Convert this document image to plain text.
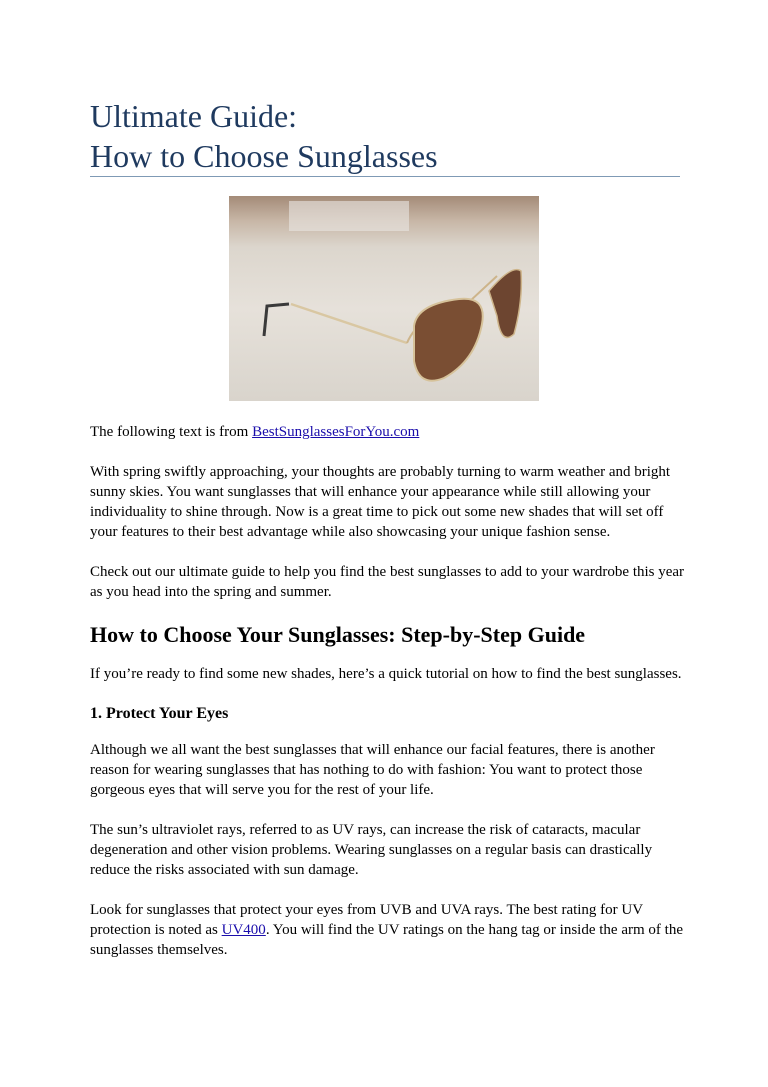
Ultimate Guide:
How to Choose Sunglasses

The following text is from BestSunglassesForYou.com

With spring swiftly approaching, your thoughts are probably turning to warm weather and bright sunny skies. You want sunglasses that will enhance your appearance while still allowing your individuality to shine through. Now is a great time to pick out some new shades that will set off your features to their best advantage while also showcasing your unique fashion sense.

Check out our ultimate guide to help you find the best sunglasses to add to your wardrobe this year as you head into the spring and summer.

How to Choose Your Sunglasses: Step-by-Step Guide

If you’re ready to find some new shades, here’s a quick tutorial on how to find the best sunglasses.

1. Protect Your Eyes

Although we all want the best sunglasses that will enhance our facial features, there is another reason for wearing sunglasses that has nothing to do with fashion: You want to protect those gorgeous eyes that will serve you for the rest of your life.

The sun’s ultraviolet rays, referred to as UV rays, can increase the risk of cataracts, macular degeneration and other vision problems. Wearing sunglasses on a regular basis can drastically reduce the risks associated with sun damage.

Look for sunglasses that protect your eyes from UVB and UVA rays. The best rating for UV protection is noted as UV400. You will find the UV ratings on the hang tag or inside the arm of the sunglasses themselves.
